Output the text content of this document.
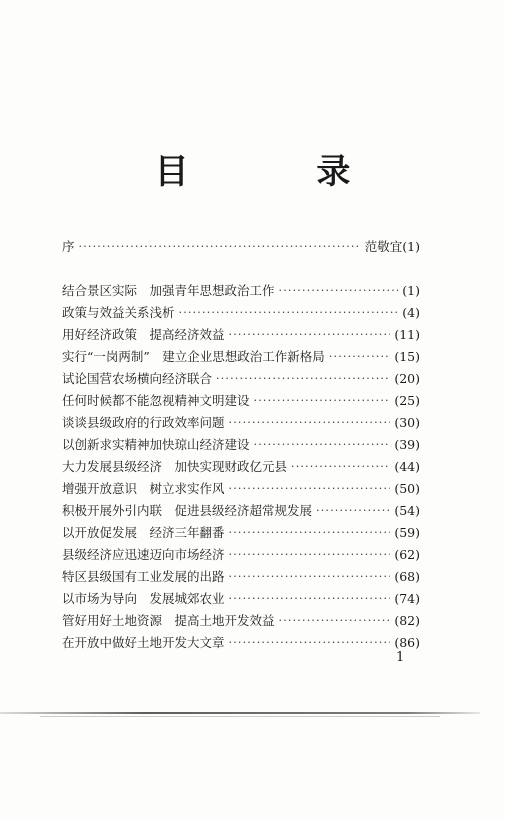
目 录
序 ·····	范敬宜 (1)
结合景区实际　加强青年思想政治工作 ·····	(1)
政策与效益关系浅析 ·····	(4)
用好经济政策　提高经济效益 ·····	(11)
实行“一岗两制”　建立企业思想政治工作新格局 ·····	(15)
试论国营农场横向经济联合 ·····	(20)
任何时候都不能忽视精神文明建设 ·····	(25)
谈谈县级政府的行政效率问题 ·····	(30)
以创新求实精神加快琼山经济建设 ·····	(39)
大力发展县级经济　加快实现财政亿元县 ·····	(44)
增强开放意识　树立求实作风 ·····	(50)
积极开展外引内联　促进县级经济超常规发展 ·····	(54)
以开放促发展　经济三年翻番 ·····	(59)
县级经济应迅速迈向市场经济 ·····	(62)
特区县级国有工业发展的出路 ·····	(68)
以市场为导向　发展城郊农业 ·····	(74)
管好用好土地资源　提高土地开发效益 ·····	(82)
在开放中做好土地开发大文章 ·····	(86)
1
